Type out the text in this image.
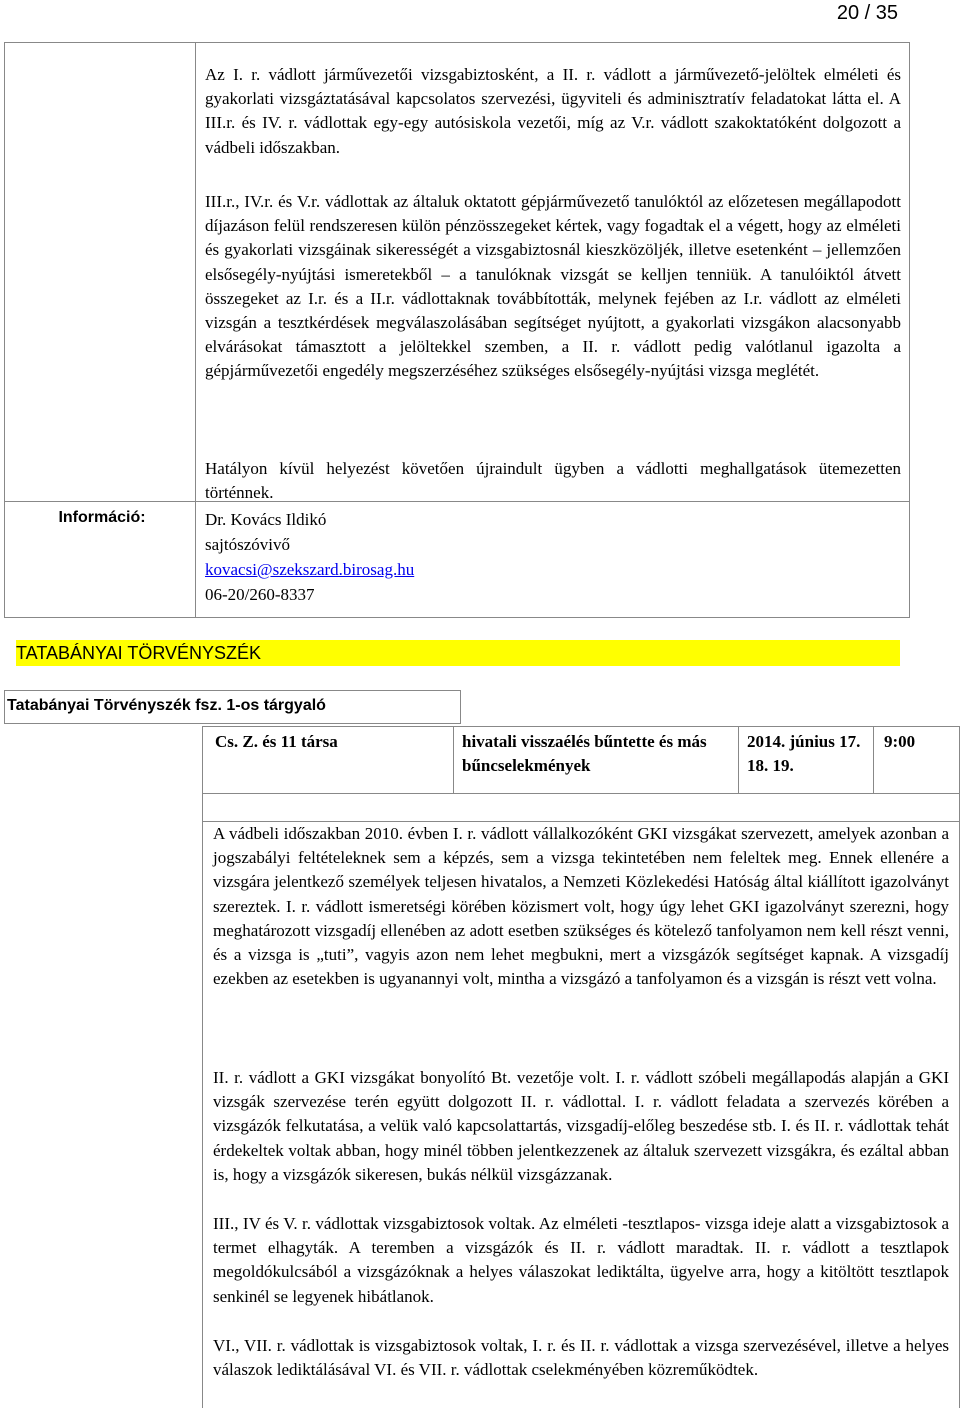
20 / 35
Információ:

Az I. r. vádlott járművezetői vizsgabiztosként, a II. r. vádlott a járművezető-jelöltek elméleti és gyakorlati vizsgáztatásával kapcsolatos szervezési, ügyviteli és adminisztratív feladatokat látta el. A III.r. és IV. r. vádlottak egy-egy autósiskola vezetői, míg az V.r. vádlott szakoktatóként dolgozott a vádbeli időszakban.

III.r., IV.r. és V.r. vádlottak az általuk oktatott gépjárművezető tanulóktól az előzetesen megállapodott díjazáson felül rendszeresen külön pénzösszegeket kértek, vagy fogadtak el a végett, hogy az elméleti és gyakorlati vizsgáinak sikerességét a vizsgabiztosnál kieszközöljék, illetve esetenként – jellemzően elsősegély-nyújtási ismeretekből – a tanulóknak vizsgát se kelljen tenniük. A tanulóiktól átvett összegeket az I.r. és a II.r. vádlottaknak továbbították, melynek fejében az I.r. vádlott az elméleti vizsgán a tesztkérdések megválaszolásában segítséget nyújtott, a gyakorlati vizsgákon alacsonyabb elvárásokat támasztott a jelöltekkel szemben, a II. r. vádlott pedig valótlanul igazolta a gépjárművezetői engedély megszerzéséhez szükséges elsősegély-nyújtási vizsga meglétét.

Hatályon kívül helyezést követően újraindult ügyben a vádlotti meghallgatások ütemezetten történnek.

Dr. Kovács Ildikó
sajtószóvivő
kovacsi@szekszard.birosag.hu
06-20/260-8337
TATABÁNYAI TÖRVÉNYSZÉK
Tatabányai Törvényszék fsz. 1-os tárgyaló
Cs. Z. és 11 társa	hivatali visszaélés bűntette és más bűncselekmények
2014. június 17. 18. 19.
9:00

A vádbeli időszakban 2010. évben I. r. vádlott vállalkozóként GKI vizsgákat szervezett, amelyek azonban a jogszabályi feltételeknek sem a képzés, sem a vizsga tekintetében nem feleltek meg. Ennek ellenére a vizsgára jelentkező személyek teljesen hivatalos, a Nemzeti Közlekedési Hatóság által kiállított igazolványt szereztek. I. r. vádlott ismeretségi körében közismert volt, hogy úgy lehet GKI igazolványt szerezni, hogy meghatározott vizsgadíj ellenében az adott esetben szükséges és kötelező tanfolyamon nem kell részt venni, és a vizsga is „tuti”, vagyis azon nem lehet megbukni, mert a vizsgázók segítséget kapnak. A vizsgadíj ezekben az esetekben is ugyanannyi volt, mintha a vizsgázó a tanfolyamon és a vizsgán is részt vett volna.

II. r. vádlott a GKI vizsgákat bonyolító Bt. vezetője volt. I. r. vádlott szóbeli megállapodás alapján a GKI vizsgák szervezése terén együtt dolgozott II. r. vádlottal. I. r. vádlott feladata a szervezés körében a vizsgázók felkutatása, a velük való kapcsolattartás, vizsgadíj-előleg beszedése stb. I. és II. r. vádlottak tehát érdekeltek voltak abban, hogy minél többen jelentkezzenek az általuk szervezett vizsgákra, és ezáltal abban is, hogy a vizsgázók sikeresen, bukás nélkül vizsgázzanak.

III., IV és V. r. vádlottak vizsgabiztosok voltak. Az elméleti -tesztlapos- vizsga ideje alatt a vizsgabiztosok a termet elhagyták. A teremben a vizsgázók és II. r. vádlott maradtak. II. r. vádlott a tesztlapok megoldókulcsából a vizsgázóknak a helyes válaszokat lediktálta, ügyelve arra, hogy a kitöltött tesztlapok senkinél se legyenek hibátlanok.

VI., VII. r. vádlottak is vizsgabiztosok voltak, I. r. és II. r. vádlottak a vizsga szervezésével, illetve a helyes válaszok lediktálásával VI. és VII. r. vádlottak cselekményében közreműködtek.
